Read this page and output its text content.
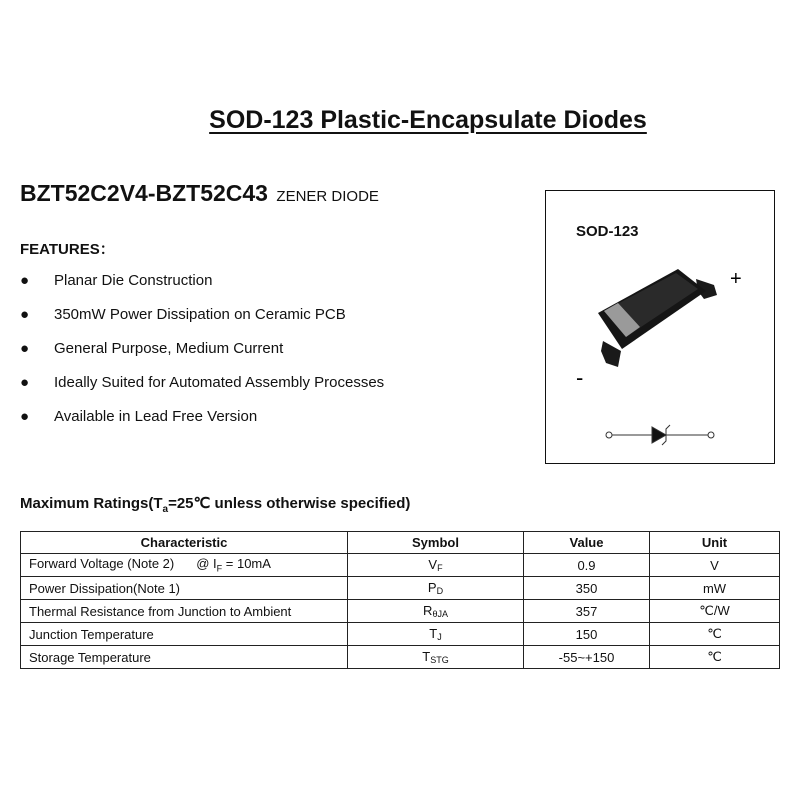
SOD-123 Plastic-Encapsulate Diodes
BZT52C2V4-BZT52C43 ZENER DIODE
FEATURES：
●	Planar Die Construction
●	350mW Power Dissipation on Ceramic PCB
●	General Purpose, Medium Current
●	Ideally Suited for Automated Assembly Processes
●	Available in Lead Free Version
SOD-123
+
-
Maximum $Ratings(T_a=25℃$ unless otherwise specified)
Characteristic	Symbol	Value	Unit
Forward Voltage (Note 2) @ $I_F = 10mA$	VF	0.9	V
Power Dissipation(Note 1)	PD	350	mW
Thermal Resistance from Junction to Ambient	RθJA	357	℃/W
Junction Temperature	TJ	150	℃
Storage Temperature	TSTG	-55~+150	℃
